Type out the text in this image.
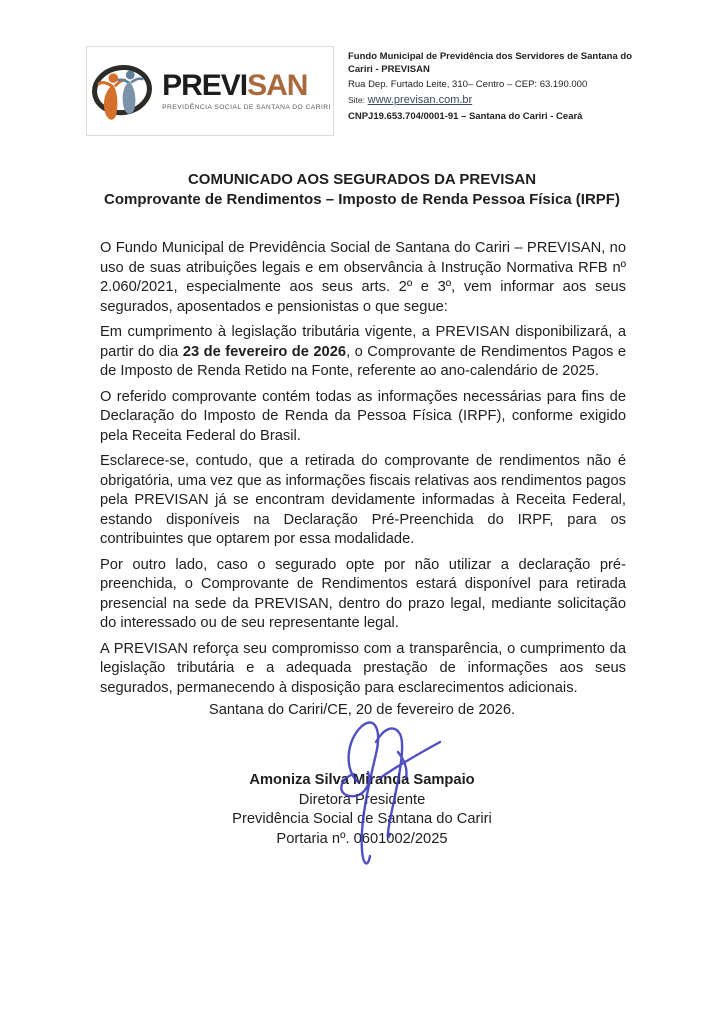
PREVISAN
PREVIDÊNCIA SOCIAL DE SANTANA DO CARIRI
Fundo Municipal de Previdência dos Servidores de Santana do Cariri - PREVISAN
Rua Dep. Furtado Leite, 310– Centro – CEP: 63.190.000
Site: www.previsan.com.br
CNPJ19.653.704/0001-91 – Santana do Cariri - Ceará
COMUNICADO AOS SEGURADOS DA PREVISAN
Comprovante de Rendimentos – Imposto de Renda Pessoa Física (IRPF)

O Fundo Municipal de Previdência Social de Santana do Cariri – PREVISAN, no uso de suas atribuições legais e em observância à Instrução Normativa RFB nº 2.060/2021, especialmente aos seus arts. 2º e 3º, vem informar aos seus segurados, aposentados e pensionistas o que segue:

Em cumprimento à legislação tributária vigente, a PREVISAN disponibilizará, a partir do dia 23 de fevereiro de 2026, o Comprovante de Rendimentos Pagos e de Imposto de Renda Retido na Fonte, referente ao ano-calendário de 2025.

O referido comprovante contém todas as informações necessárias para fins de Declaração do Imposto de Renda da Pessoa Física (IRPF), conforme exigido pela Receita Federal do Brasil.

Esclarece-se, contudo, que a retirada do comprovante de rendimentos não é obrigatória, uma vez que as informações fiscais relativas aos rendimentos pagos pela PREVISAN já se encontram devidamente informadas à Receita Federal, estando disponíveis na Declaração Pré-Preenchida do IRPF, para os contribuintes que optarem por essa modalidade.

Por outro lado, caso o segurado opte por não utilizar a declaração pré-preenchida, o Comprovante de Rendimentos estará disponível para retirada presencial na sede da PREVISAN, dentro do prazo legal, mediante solicitação do interessado ou de seu representante legal.

A PREVISAN reforça seu compromisso com a transparência, o cumprimento da legislação tributária e a adequada prestação de informações aos seus segurados, permanecendo à disposição para esclarecimentos adicionais.

Santana do Cariri/CE, 20 de fevereiro de 2026.
Amoniza Silva Miranda Sampaio
Diretora Presidente
Previdência Social de Santana do Cariri
Portaria nº. 0601002/2025
